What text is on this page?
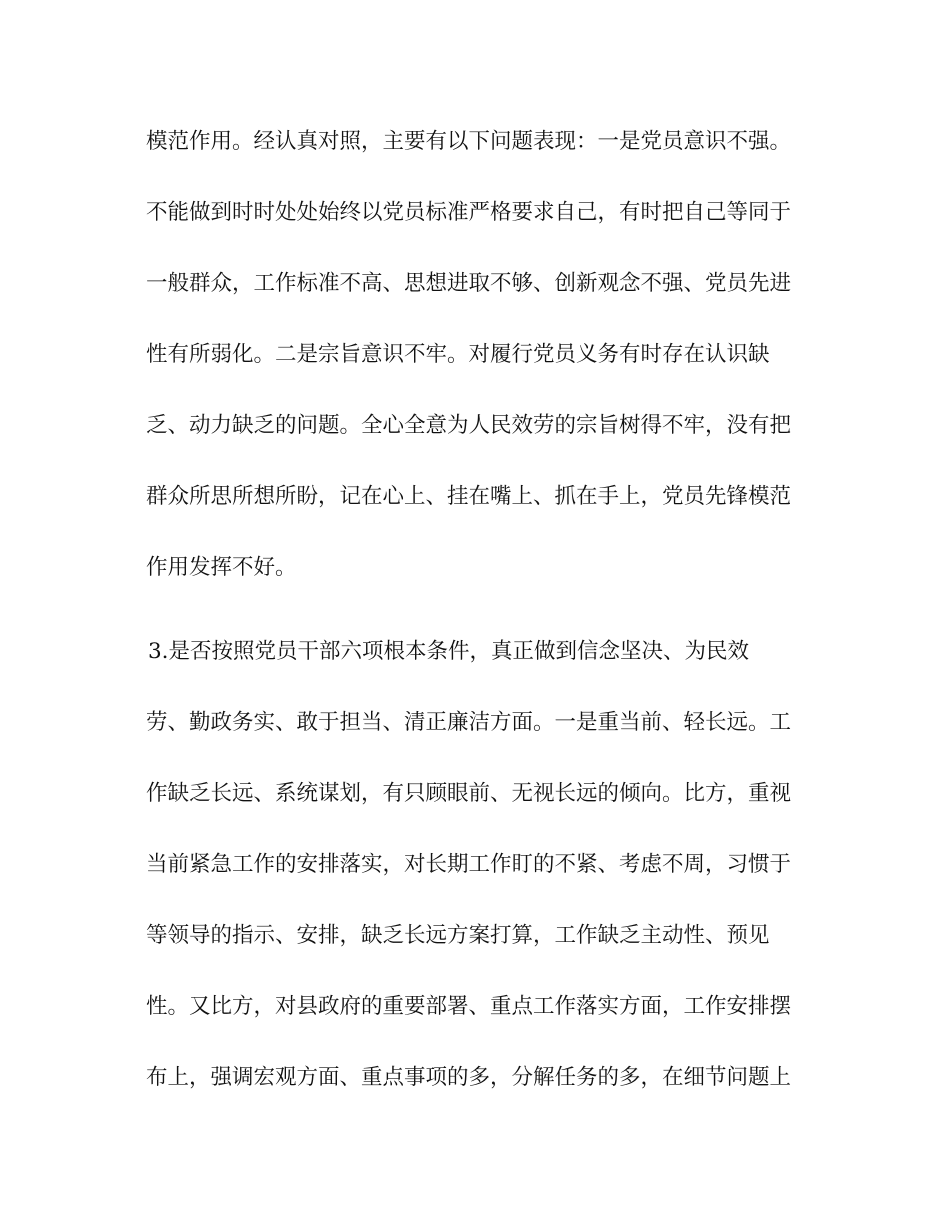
模范作用。经认真对照，主要有以下问题表现：一是党员意识不强。

不能做到时时处处始终以党员标准严格要求自己，有时把自己等同于

一般群众，工作标准不高、思想进取不够、创新观念不强、党员先进

性有所弱化。二是宗旨意识不牢。对履行党员义务有时存在认识缺

乏、动力缺乏的问题。全心全意为人民效劳的宗旨树得不牢，没有把

群众所思所想所盼，记在心上、挂在嘴上、抓在手上，党员先锋模范

作用发挥不好。

3.是否按照党员干部六项根本条件，真正做到信念坚决、为民效

劳、勤政务实、敢于担当、清正廉洁方面。一是重当前、轻长远。工

作缺乏长远、系统谋划，有只顾眼前、无视长远的倾向。比方，重视

当前紧急工作的安排落实，对长期工作盯的不紧、考虑不周，习惯于

等领导的指示、安排，缺乏长远方案打算，工作缺乏主动性、预见

性。又比方，对县政府的重要部署、重点工作落实方面，工作安排摆

布上，强调宏观方面、重点事项的多，分解任务的多，在细节问题上
